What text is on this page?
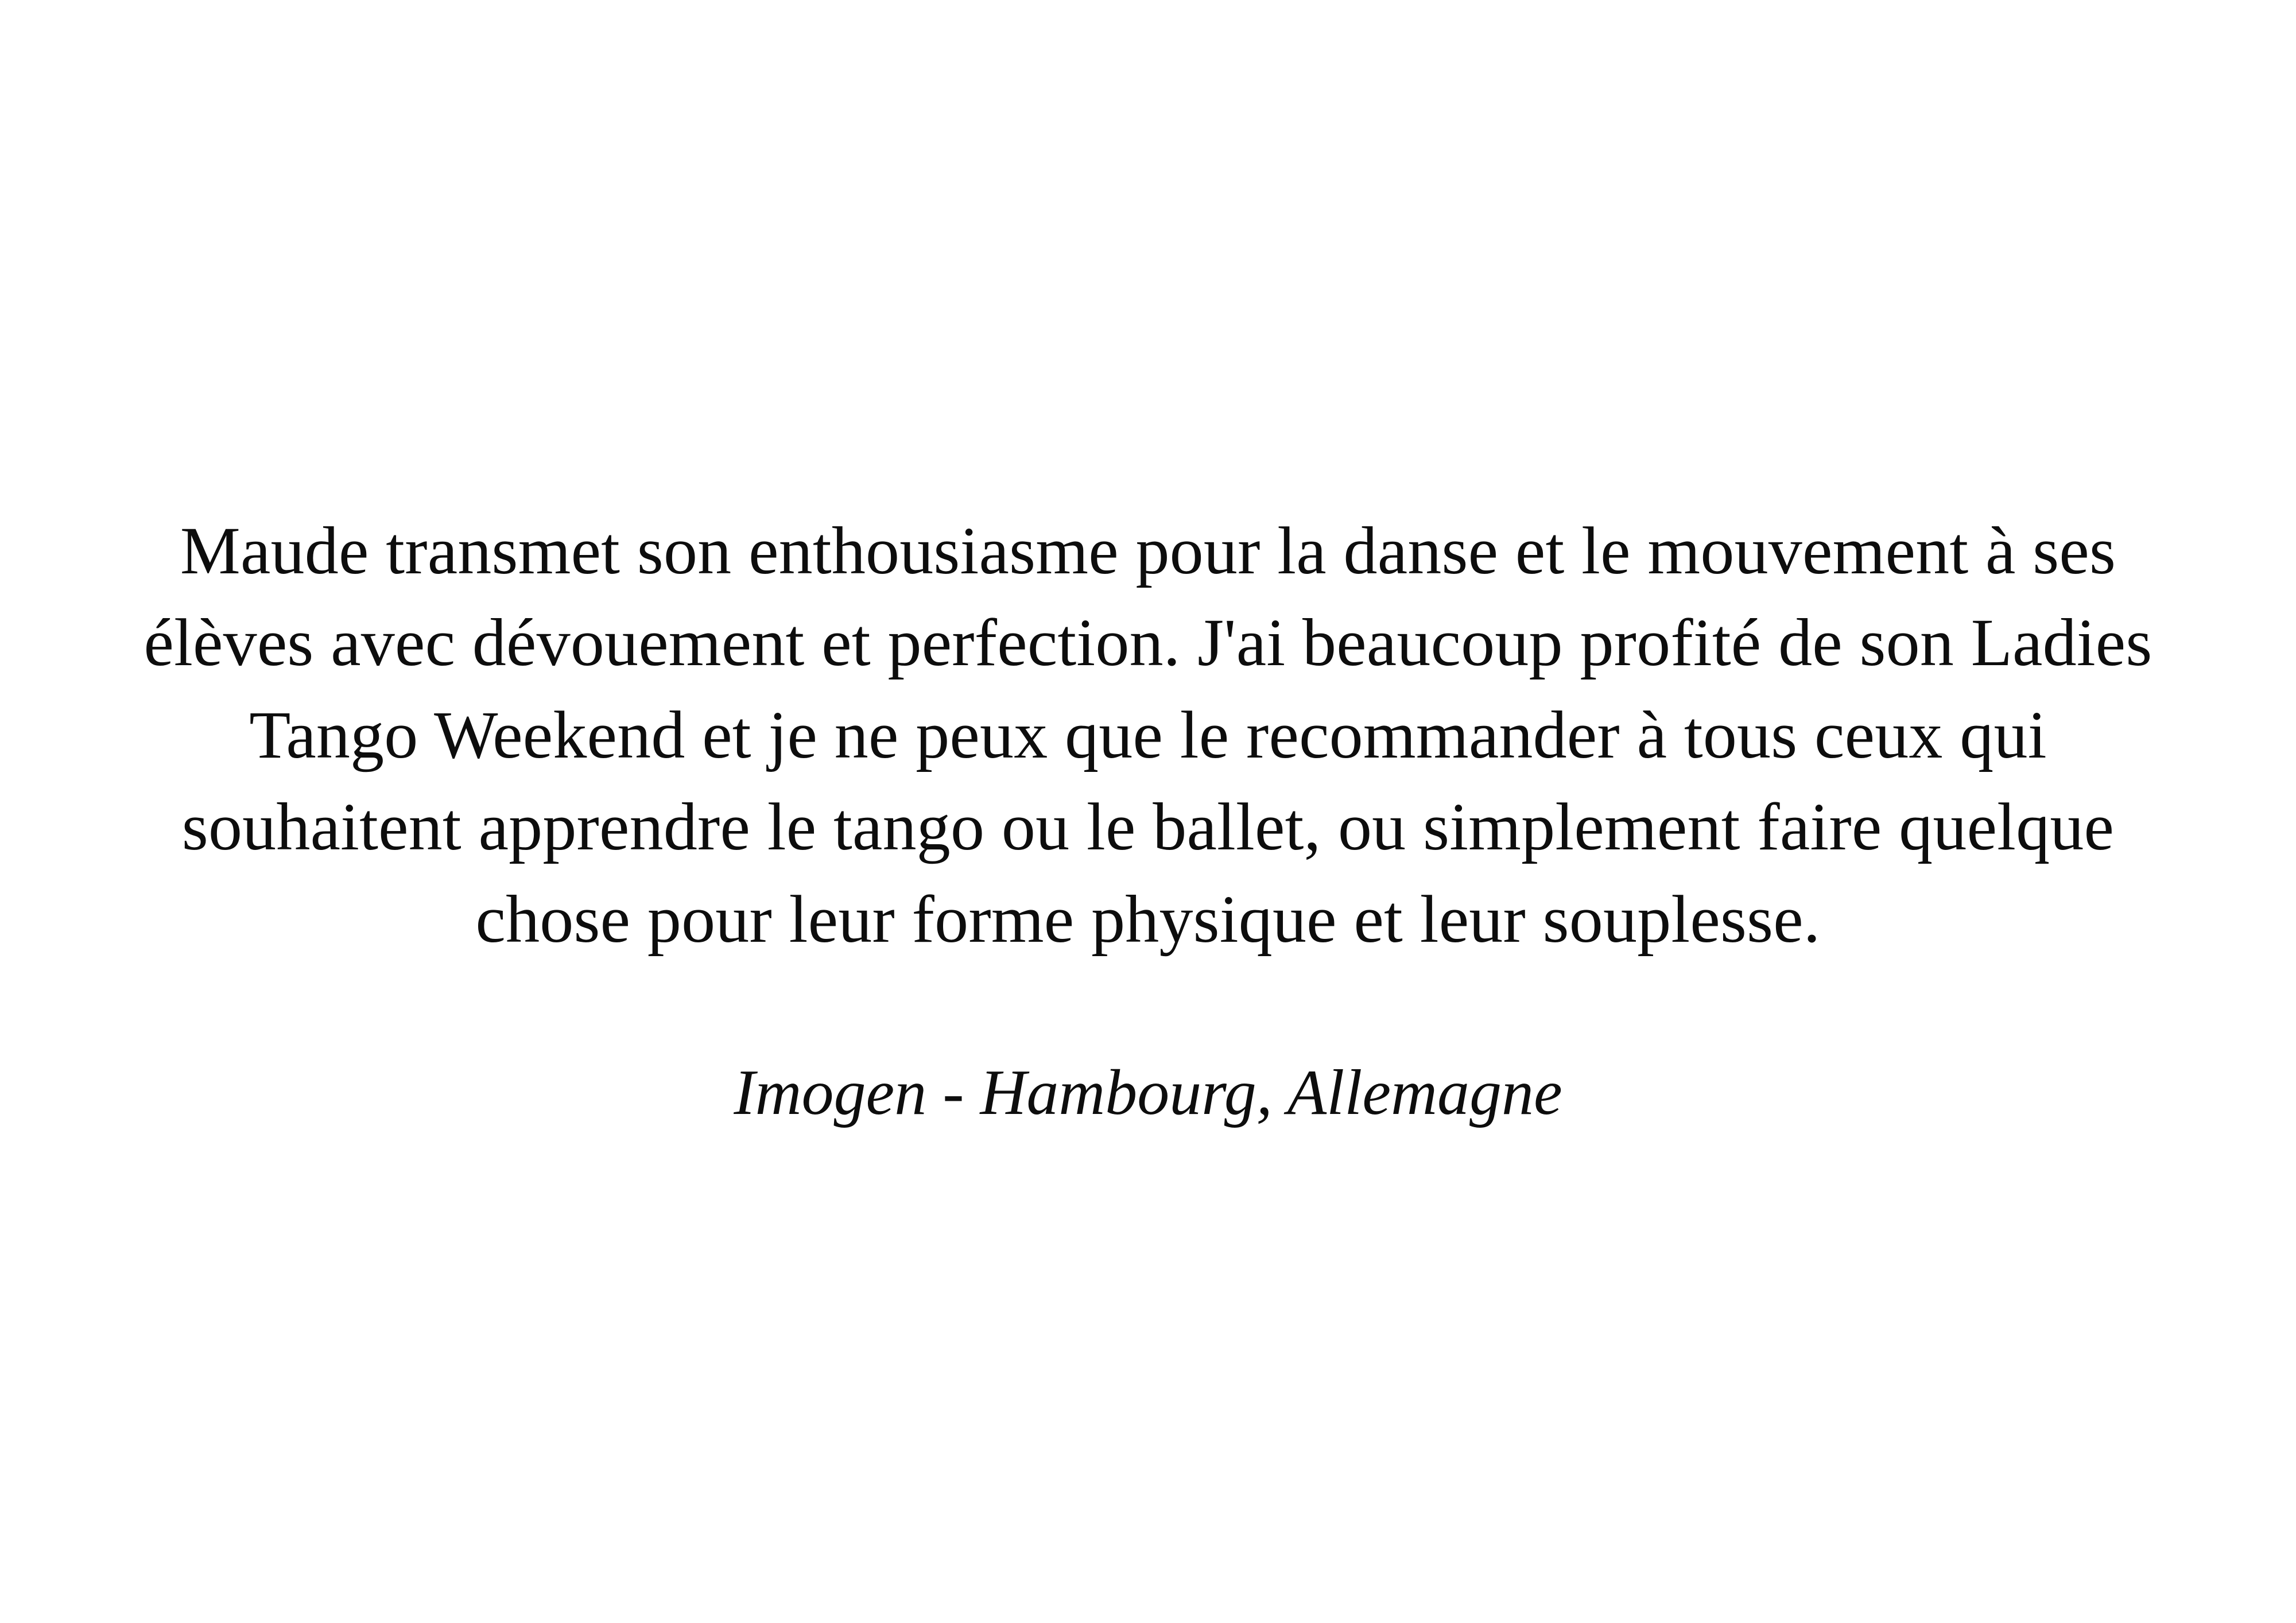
Maude transmet son enthousiasme pour la danse et le mouvement à ses élèves avec dévouement et perfection. J'ai beaucoup profité de son Ladies Tango Weekend et je ne peux que le recommander à tous ceux qui souhaitent apprendre le tango ou le ballet, ou simplement faire quelque chose pour leur forme physique et leur souplesse.

Imogen - Hambourg, Allemagne
